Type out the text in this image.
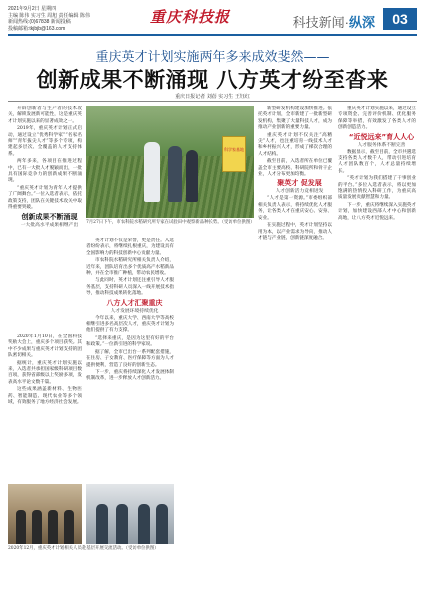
2021年9月2日 星期四
主编 陈伟 实习生 周旭 责任编辑 陈伟
新闻热线:(0)67838 新闻投稿
投稿邮箱:tkjbjb@163.com
重庆科技报	科技新闻·纵深	03
重庆英才计划实施两年多来成效斐然——
创新成果不断涌现 八方英才纷至沓来
重庆日报记者 刘蓓 实习生 王钰红

开辟创新者与生产者的技术攻关，解锁发展新可能性，这是重庆英才计划实施以来的显著成效之一。

2019年，重庆英才计划正式启动，通过设立“优秀科学家”“名家名师”“青年拔尖人才”等多个专项，构建起多层次、全覆盖的人才支持体系。

两年多来，各项目在推进过程中，已有一大批人才脱颖而出，一批具有国际竞争力的创新成果不断涌现。

“重庆英才计划为青年人才提供了广阔舞台。”一位入选者表示，依托政策支持，团队在关键技术攻关中取得重要突破。

创新成果不断涌现

一大批高水平成果相继产出

2020年1月10日，在全国科技奖励大会上，重庆多个项目获奖。其中不少成果与重庆英才计划支持的团队密切相关。

据统计，重庆英才计划实施以来，入选者共承担国家级科研项目数百项，获得省部级以上奖励多项，发表高水平论文数千篇。

这些成果涵盖新材料、生物医药、智能制造、现代农业等多个领域，有效服务了地方经济社会发展。

科学家基地
7月27日下午，市农科院水稻研究所专家在试验田中观察新品种长势。（受访单位供图）

英才计划不仅是荣誉，更是责任。入选者纷纷表示，将继续扎根重庆，为建设具有全国影响力的科技创新中心贡献力量。

市农科院水稻研究所相关负责人介绍，近年来，团队培育出多个优质高产水稻新品种，并在全市推广种植，带动农民增收。

与此同时，英才计划还注重引导人才服务基层，支持科研人员深入一线开展技术指导，推动科技成果转化落地。

八方人才汇聚重庆

人才发展环境持续优化

今年以来，重庆大学、西南大学等高校相继引进多名高层次人才，重庆英才计划为他们提供了有力支撑。

“选择来重庆，是因为这里有好的平台和政策。”一位新引进的科学家说。

据了解，全市已出台一系列配套措施，在住房、子女教育、医疗保障等方面为人才提供便利，营造了良好的创新生态。

下一步，重庆将持续深化人才发展体制机制改革，进一步释放人才创新活力。

新型研发机构建设加快推进。依托英才计划，全市新建了一批新型研发机构，集聚了大量科技人才，成为推动产业创新的重要力量。

重庆英才计划不仅关注“高精尖”人才，也注重培育一线技术人才和乡村振兴人才，形成了梯次合理的人才结构。

截至目前，入选者所在单位已覆盖全市主要高校、科研院所和骨干企业，人才分布更加均衡。

聚英才 促发展

人才创新活力竞相迸发

“人才是第一资源。”市委组织部相关负责人表示，将持续优化人才服务，让各类人才在重庆安心、安身、安业。

在实施过程中，英才计划坚持以用为本，以产业需求为导向，推动人才链与产业链、创新链深度融合。

重庆英才计划实施以来，通过设立专项资金、完善评价机制、优化服务保障等举措，有效激发了各类人才的创新创造活力。

“近悦远来”育人人心

人才服务体系不断完善

数据显示，截至目前，全市共遴选支持各类人才数千人，带动引进培育人才团队数百个，人才总量持续增长。

“英才计划为我们搭建了干事创业的平台。”多位入选者表示，将以更加饱满的热情投入科研工作，为重庆高质量发展贡献智慧和力量。

下一步，重庆将继续深入实施英才计划，加快建设西部人才中心和创新高地，让八方英才近悦远来。

2020年12月，重庆英才计划相关人员赴基层开展交流活动。（受访单位供图）
